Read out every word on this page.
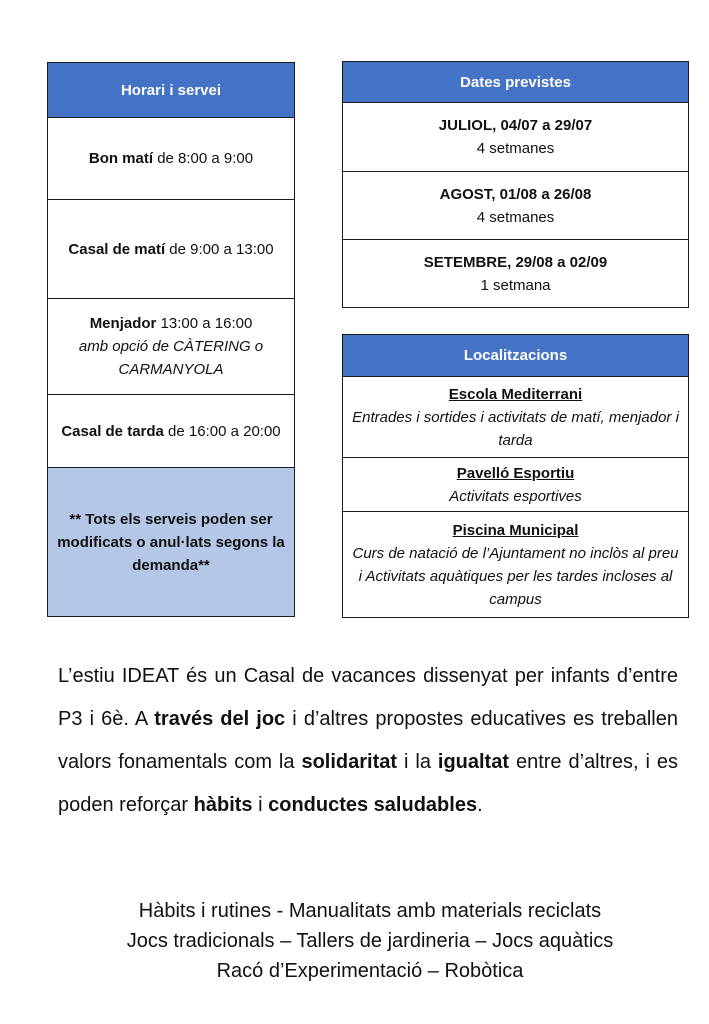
Horari i servei
Bon matí de 8:00 a 9:00
Casal de matí de 9:00 a 13:00
Menjador 13:00 a 16:00
amb opció de CÀTERING o CARMANYOLA
Casal de tarda de 16:00 a 20:00
** Tots els serveis poden ser modificats o anul·lats segons la demanda**
Dates previstes
JULIOL, 04/07 a 29/07
4 setmanes
AGOST, 01/08 a 26/08
4 setmanes
SETEMBRE, 29/08 a 02/09
1 setmana
Localitzacions
Escola Mediterrani
Entrades i sortides i activitats de matí, menjador i tarda
Pavelló Esportiu
Activitats esportives
Piscina Municipal
Curs de natació de l’Ajuntament no inclòs al preu i Activitats aquàtiques per les tardes incloses al campus
L’estiu IDEAT és un Casal de vacances dissenyat per infants d’entre P3 i 6è. A través del joc i d’altres propostes educatives es treballen valors fonamentals com la solidaritat i la igualtat entre d’altres, i es poden reforçar hàbits i conductes saludables.
Hàbits i rutines - Manualitats amb materials reciclats
Jocs tradicionals – Tallers de jardineria – Jocs aquàtics
Racó d’Experimentació – Robòtica
